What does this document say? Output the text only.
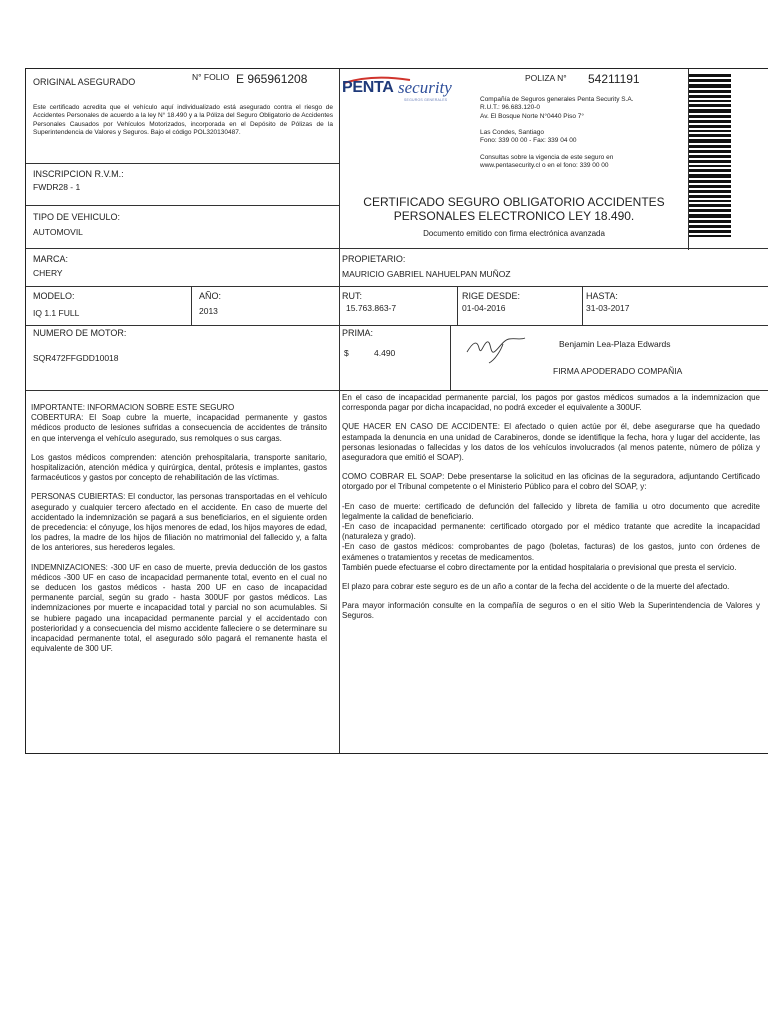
ORIGINAL ASEGURADO	N° FOLIO E 965961208
Este certificado acredita que el vehículo aquí individualizado está asegurado contra el riesgo de Accidentes Personales de acuerdo a la ley N° 18.490 y a la Póliza del Seguro Obligatorio de Accidentes Personales Causados por Vehículos Motorizados, incorporada en el Depósito de Pólizas de la Superintendencia de Valores y Seguros. Bajo el código POL320130487.
INSCRIPCION R.V.M.:
FWDR28 - 1
TIPO DE VEHICULO:
AUTOMOVIL
PENTA security
SEGUROS GENERALES
POLIZA N° 54211191
Compañía de Seguros generales Penta Security S.A.
R.U.T.: 96.683.120-0
Av. El Bosque Norte N°0440 Piso 7°
Las Condes, Santiago
Fono: 339 00 00 - Fax: 339 04 00
Consultas sobre la vigencia de este seguro en
www.pentasecurity.cl o en el fono: 339 00 00
CERTIFICADO SEGURO OBLIGATORIO ACCIDENTES
PERSONALES ELECTRONICO LEY 18.490.
Documento emitido con firma electrónica avanzada
MARCA:
CHERY
PROPIETARIO:
MAURICIO GABRIEL NAHUELPAN MUÑOZ
MODELO:
IQ 1.1 FULL
AÑO:
2013
RUT:
15.763.863-7
RIGE DESDE:
01-04-2016
HASTA:
31-03-2017
NUMERO DE MOTOR:
SQR472FFGDD10018
PRIMA:
$	4.490
Benjamin Lea-Plaza Edwards
FIRMA APODERADO COMPAÑIA

IMPORTANTE: INFORMACION SOBRE ESTE SEGURO
COBERTURA: El Soap cubre la muerte, incapacidad permanente y gastos médicos producto de lesiones sufridas a consecuencia de accidentes de tránsito en que intervenga el vehículo asegurado, sus remolques o sus cargas.

Los gastos médicos comprenden: atención prehospitalaria, transporte sanitario, hospitalización, atención médica y quirúrgica, dental, prótesis e implantes, gastos farmacéuticos y gastos por concepto de rehabilitación de las víctimas.

PERSONAS CUBIERTAS: El conductor, las personas transportadas en el vehículo asegurado y cualquier tercero afectado en el accidente. En caso de muerte del accidentado la indemnización se pagará a sus beneficiarios, en el siguiente orden de precedencia: el cónyuge, los hijos menores de edad, los hijos mayores de edad, los padres, la madre de los hijos de filiación no matrimonial del fallecido y, a falta de los anteriores, sus herederos legales.

INDEMNIZACIONES: -300 UF en caso de muerte, previa deducción de los gastos médicos -300 UF en caso de incapacidad permanente total, evento en el cual no se deducen los gastos médicos - hasta 200 UF en caso de incapacidad permanente parcial, según su grado - hasta 300UF por gastos médicos. Las indemnizaciones por muerte e incapacidad total y parcial no son acumulables. Si se hubiere pagado una incapacidad permanente parcial y el accidentado con posterioridad y a consecuencia del mismo accidente falleciere o se determinare su incapacidad permanente total, el asegurado sólo pagará el remanente hasta el equivalente de 300 UF.

En el caso de incapacidad permanente parcial, los pagos por gastos médicos sumados a la indemnizacion que corresponda pagar por dicha incapacidad, no podrá exceder el equivalente a 300UF.

QUE HACER EN CASO DE ACCIDENTE: El afectado o quien actúe por él, debe asegurarse que ha quedado estampada la denuncia en una unidad de Carabineros, donde se identifique la fecha, hora y lugar del accidente, las personas lesionadas o fallecidas y los datos de los vehículos involucrados (al menos patente, número de póliza y aseguradora que emitió el SOAP).

COMO COBRAR EL SOAP: Debe presentarse la solicitud en las oficinas de la seguradora, adjuntando Certificado otorgado por el Tribunal competente o el Ministerio Público para el cobro del SOAP, y:

-En caso de muerte: certificado de defunción del fallecido y libreta de familia u otro documento que acredite legalmente la calidad de beneficiario.
-En caso de incapacidad permanente: certificado otorgado por el médico tratante que acredite la incapacidad (naturaleza y grado).
-En caso de gastos médicos: comprobantes de pago (boletas, facturas) de los gastos, junto con órdenes de exámenes o tratamientos y recetas de medicamentos.
También puede efectuarse el cobro directamente por la entidad hospitalaria o previsional que presta el servicio.

El plazo para cobrar este seguro es de un año a contar de la fecha del accidente o de la muerte del afectado.

Para mayor información consulte en la compañía de seguros o en el sitio Web la Superintendencia de Valores y Seguros.
